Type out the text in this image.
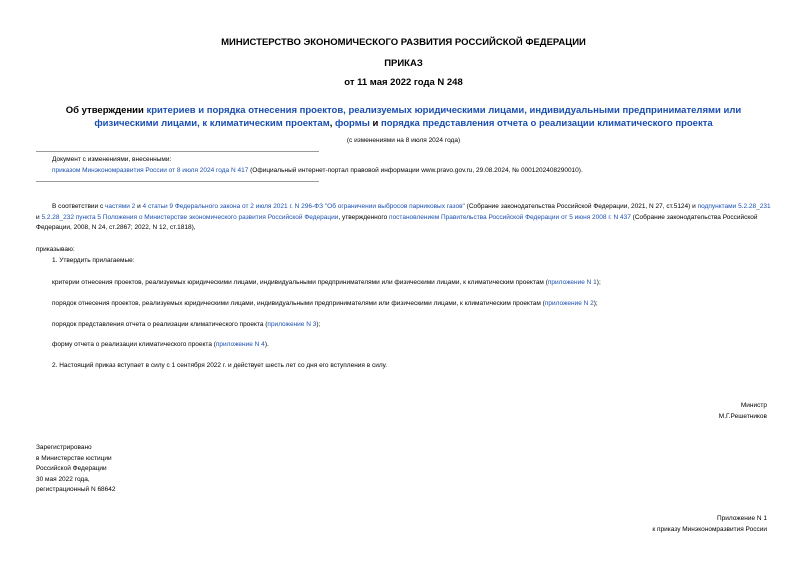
МИНИСТЕРСТВО ЭКОНОМИЧЕСКОГО РАЗВИТИЯ РОССИЙСКОЙ ФЕДЕРАЦИИ
ПРИКАЗ
от 11 мая 2022 года N 248
Об утверждении критериев и порядка отнесения проектов, реализуемых юридическими лицами, индивидуальными предпринимателями или физическими лицами, к климатическим проектам, формы и порядка представления отчета о реализации климатического проекта
(с изменениями на 8 июля 2024 года)
Документ с изменениями, внесенными:
приказом Минэкономразвития России от 8 июля 2024 года N 417 (Официальный интернет-портал правовой информации www.pravo.gov.ru, 29.08.2024, № 0001202408290010).
В соответствии с частями 2 и 4 статьи 9 Федерального закона от 2 июля 2021 г. N 296-ФЗ "Об ограничении выбросов парниковых газов" (Собрание законодательства Российской Федерации, 2021, N 27, ст.5124) и подпунктами 5.2.28_231 и 5.2.28_232 пункта 5 Положения о Министерстве экономического развития Российской Федерации, утвержденного постановлением Правительства Российской Федерации от 5 июня 2008 г. N 437 (Собрание законодательства Российской Федерации, 2008, N 24, ст.2867; 2022, N 12, ст.1818),
приказываю:
1. Утвердить прилагаемые:
критерии отнесения проектов, реализуемых юридическими лицами, индивидуальными предпринимателями или физическими лицами, к климатическим проектам (приложение N 1);
порядок отнесения проектов, реализуемых юридическими лицами, индивидуальными предпринимателями или физическими лицами, к климатическим проектам (приложение N 2);
порядок представления отчета о реализации климатического проекта (приложение N 3);
форму отчета о реализации климатического проекта (приложение N 4).
2. Настоящий приказ вступает в силу с 1 сентября 2022 г. и действует шесть лет со дня его вступления в силу.
Министр
М.Г.Решетников
Зарегистрировано
в Министерстве юстиции
Российской Федерации
30 мая 2022 года,
регистрационный N 68642
Приложение N 1
к приказу Минэкономразвития России
